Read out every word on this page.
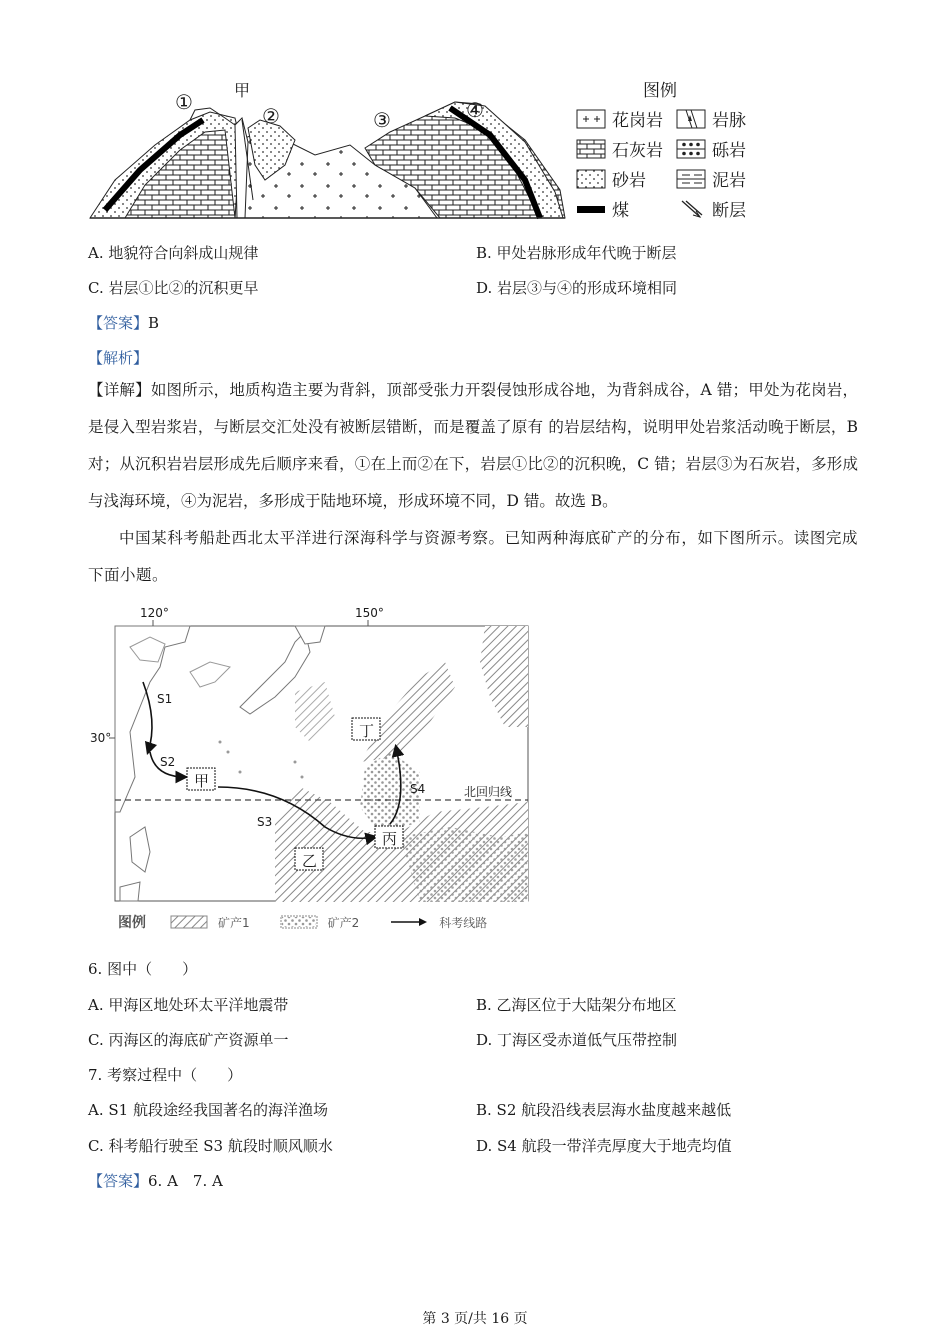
甲
①
②	③	④
图例
花岗岩	岩脉
石灰岩	砾岩
砂岩	泥岩
煤	断层
A. 地貌符合向斜成山规律	B. 甲处岩脉形成年代晚于断层
C. 岩层①比②的沉积更早	D. 岩层③与④的形成环境相同
【答案】B
【解析】
【详解】如图所示，地质构造主要为背斜，顶部受张力开裂侵蚀形成谷地，为背斜成谷，A 错；甲处为花岗岩，是侵入型岩浆岩，与断层交汇处没有被断层错断，而是覆盖了原有 的岩层结构，说明甲处岩浆活动晚于断层，B 对；从沉积岩岩层形成先后顺序来看，①在上而②在下，岩层①比②的沉积晚，C 错；岩层③为石灰岩，多形成与浅海环境，④为泥岩，多形成于陆地环境，形成环境不同，D 错。故选 B。
中国某科考船赴西北太平洋进行深海科学与资源考察。已知两种海底矿产的分布，如下图所示。读图完成下面小题。
120°	150°
30°
北回归线
S1
S2
S3
S4
甲
乙
丙
丁
图例	矿产1	矿产2	科考线路
6. 图中（　　）
A. 甲海区地处环太平洋地震带	B. 乙海区位于大陆架分布地区
C. 丙海区的海底矿产资源单一	D. 丁海区受赤道低气压带控制
7. 考察过程中（　　）
A. S1 航段途经我国著名的海洋渔场	B. S2 航段沿线表层海水盐度越来越低
C. 科考船行驶至 S3 航段时顺风顺水	D. S4 航段一带洋壳厚度大于地壳均值
【答案】6. A　7. A
第 3 页/共 16 页
